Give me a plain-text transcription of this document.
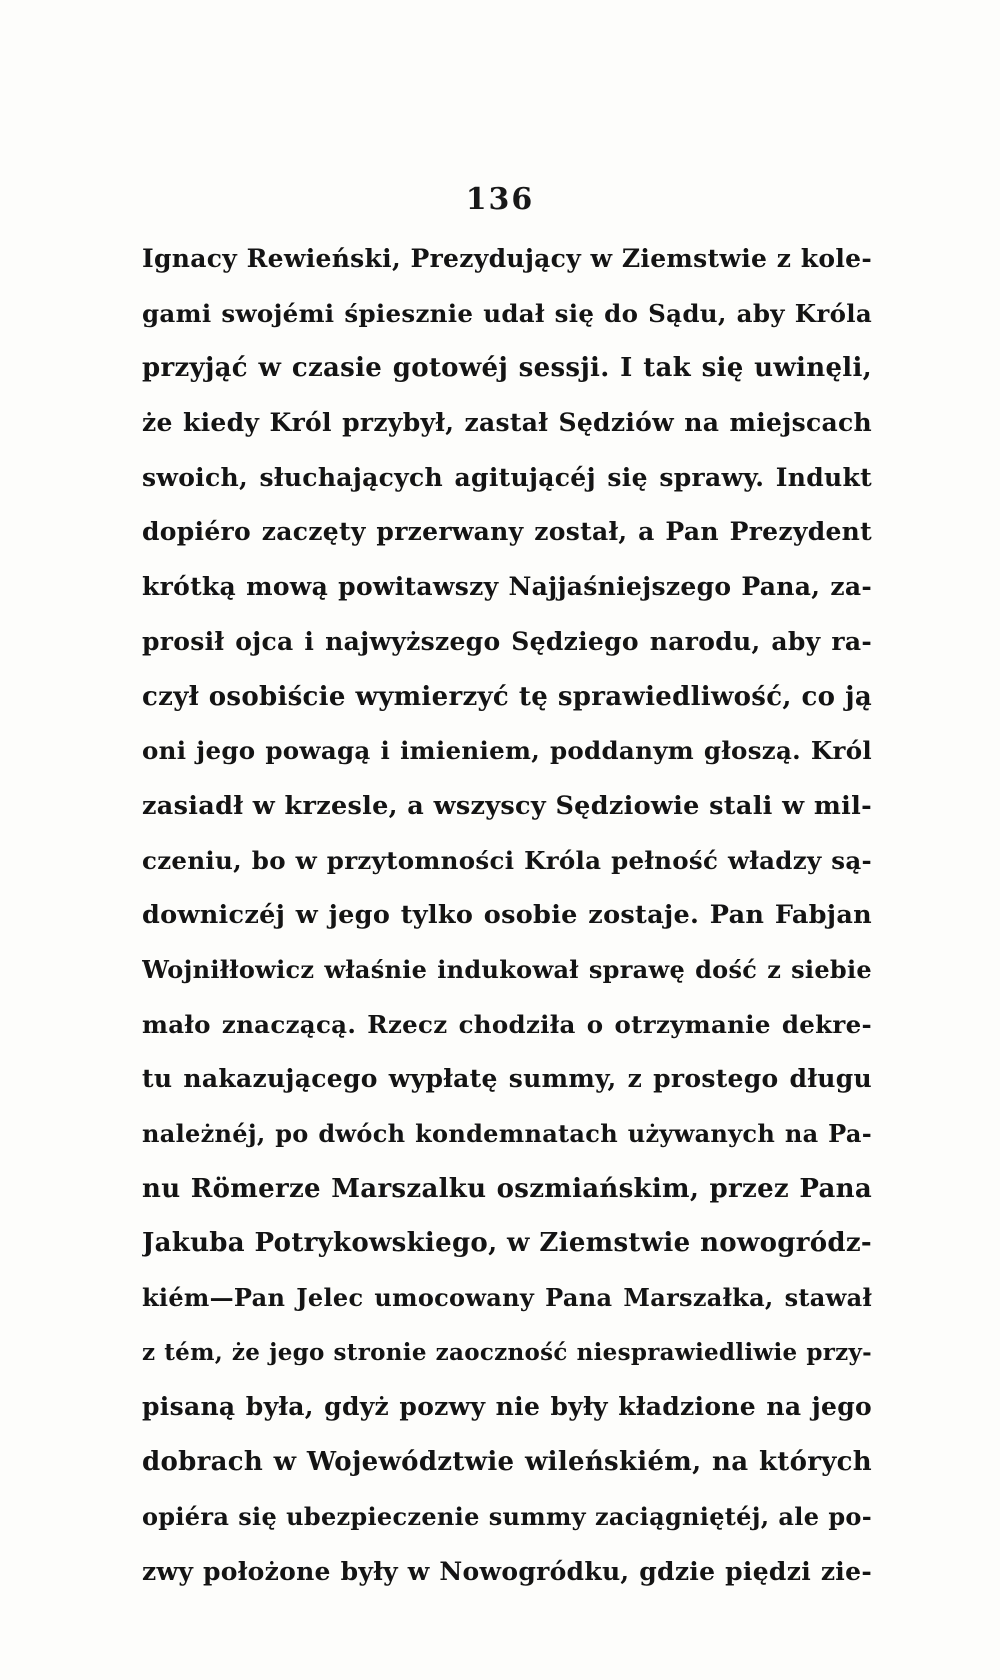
136
Ignacy Rewieński, Prezydujący w Ziemstwie z kole-
gami swojémi śpiesznie udał się do Sądu, aby Króla
przyjąć w czasie gotowéj sessji. I tak się uwinęli,
że kiedy Król przybył, zastał Sędziów na miejscach
swoich, słuchających agitującéj się sprawy. Indukt
dopiéro zaczęty przerwany został, a Pan Prezydent
krótką mową powitawszy Najjaśniejszego Pana, za-
prosił ojca i najwyższego Sędziego narodu, aby ra-
czył osobiście wymierzyć tę sprawiedliwość, co ją
oni jego powagą i imieniem, poddanym głoszą. Król
zasiadł w krzesle, a wszyscy Sędziowie stali w mil-
czeniu, bo w przytomności Króla pełność władzy są-
downiczéj w jego tylko osobie zostaje. Pan Fabjan
Wojniłłowicz właśnie indukował sprawę dość z siebie
mało znaczącą. Rzecz chodziła o otrzymanie dekre-
tu nakazującego wypłatę summy, z prostego długu
należnéj, po dwóch kondemnatach używanych na Pa-
nu Römerze Marszalku oszmiańskim, przez Pana
Jakuba Potrykowskiego, w Ziemstwie nowogródz-
kiém—Pan Jelec umocowany Pana Marszałka, stawał
z tém, że jego stronie zaoczność niesprawiedliwie przy-
pisaną była, gdyż pozwy nie były kładzione na jego
dobrach w Województwie wileńskiém, na których
opiéra się ubezpieczenie summy zaciągniętéj, ale po-
zwy położone były w Nowogródku, gdzie piędzi zie-
